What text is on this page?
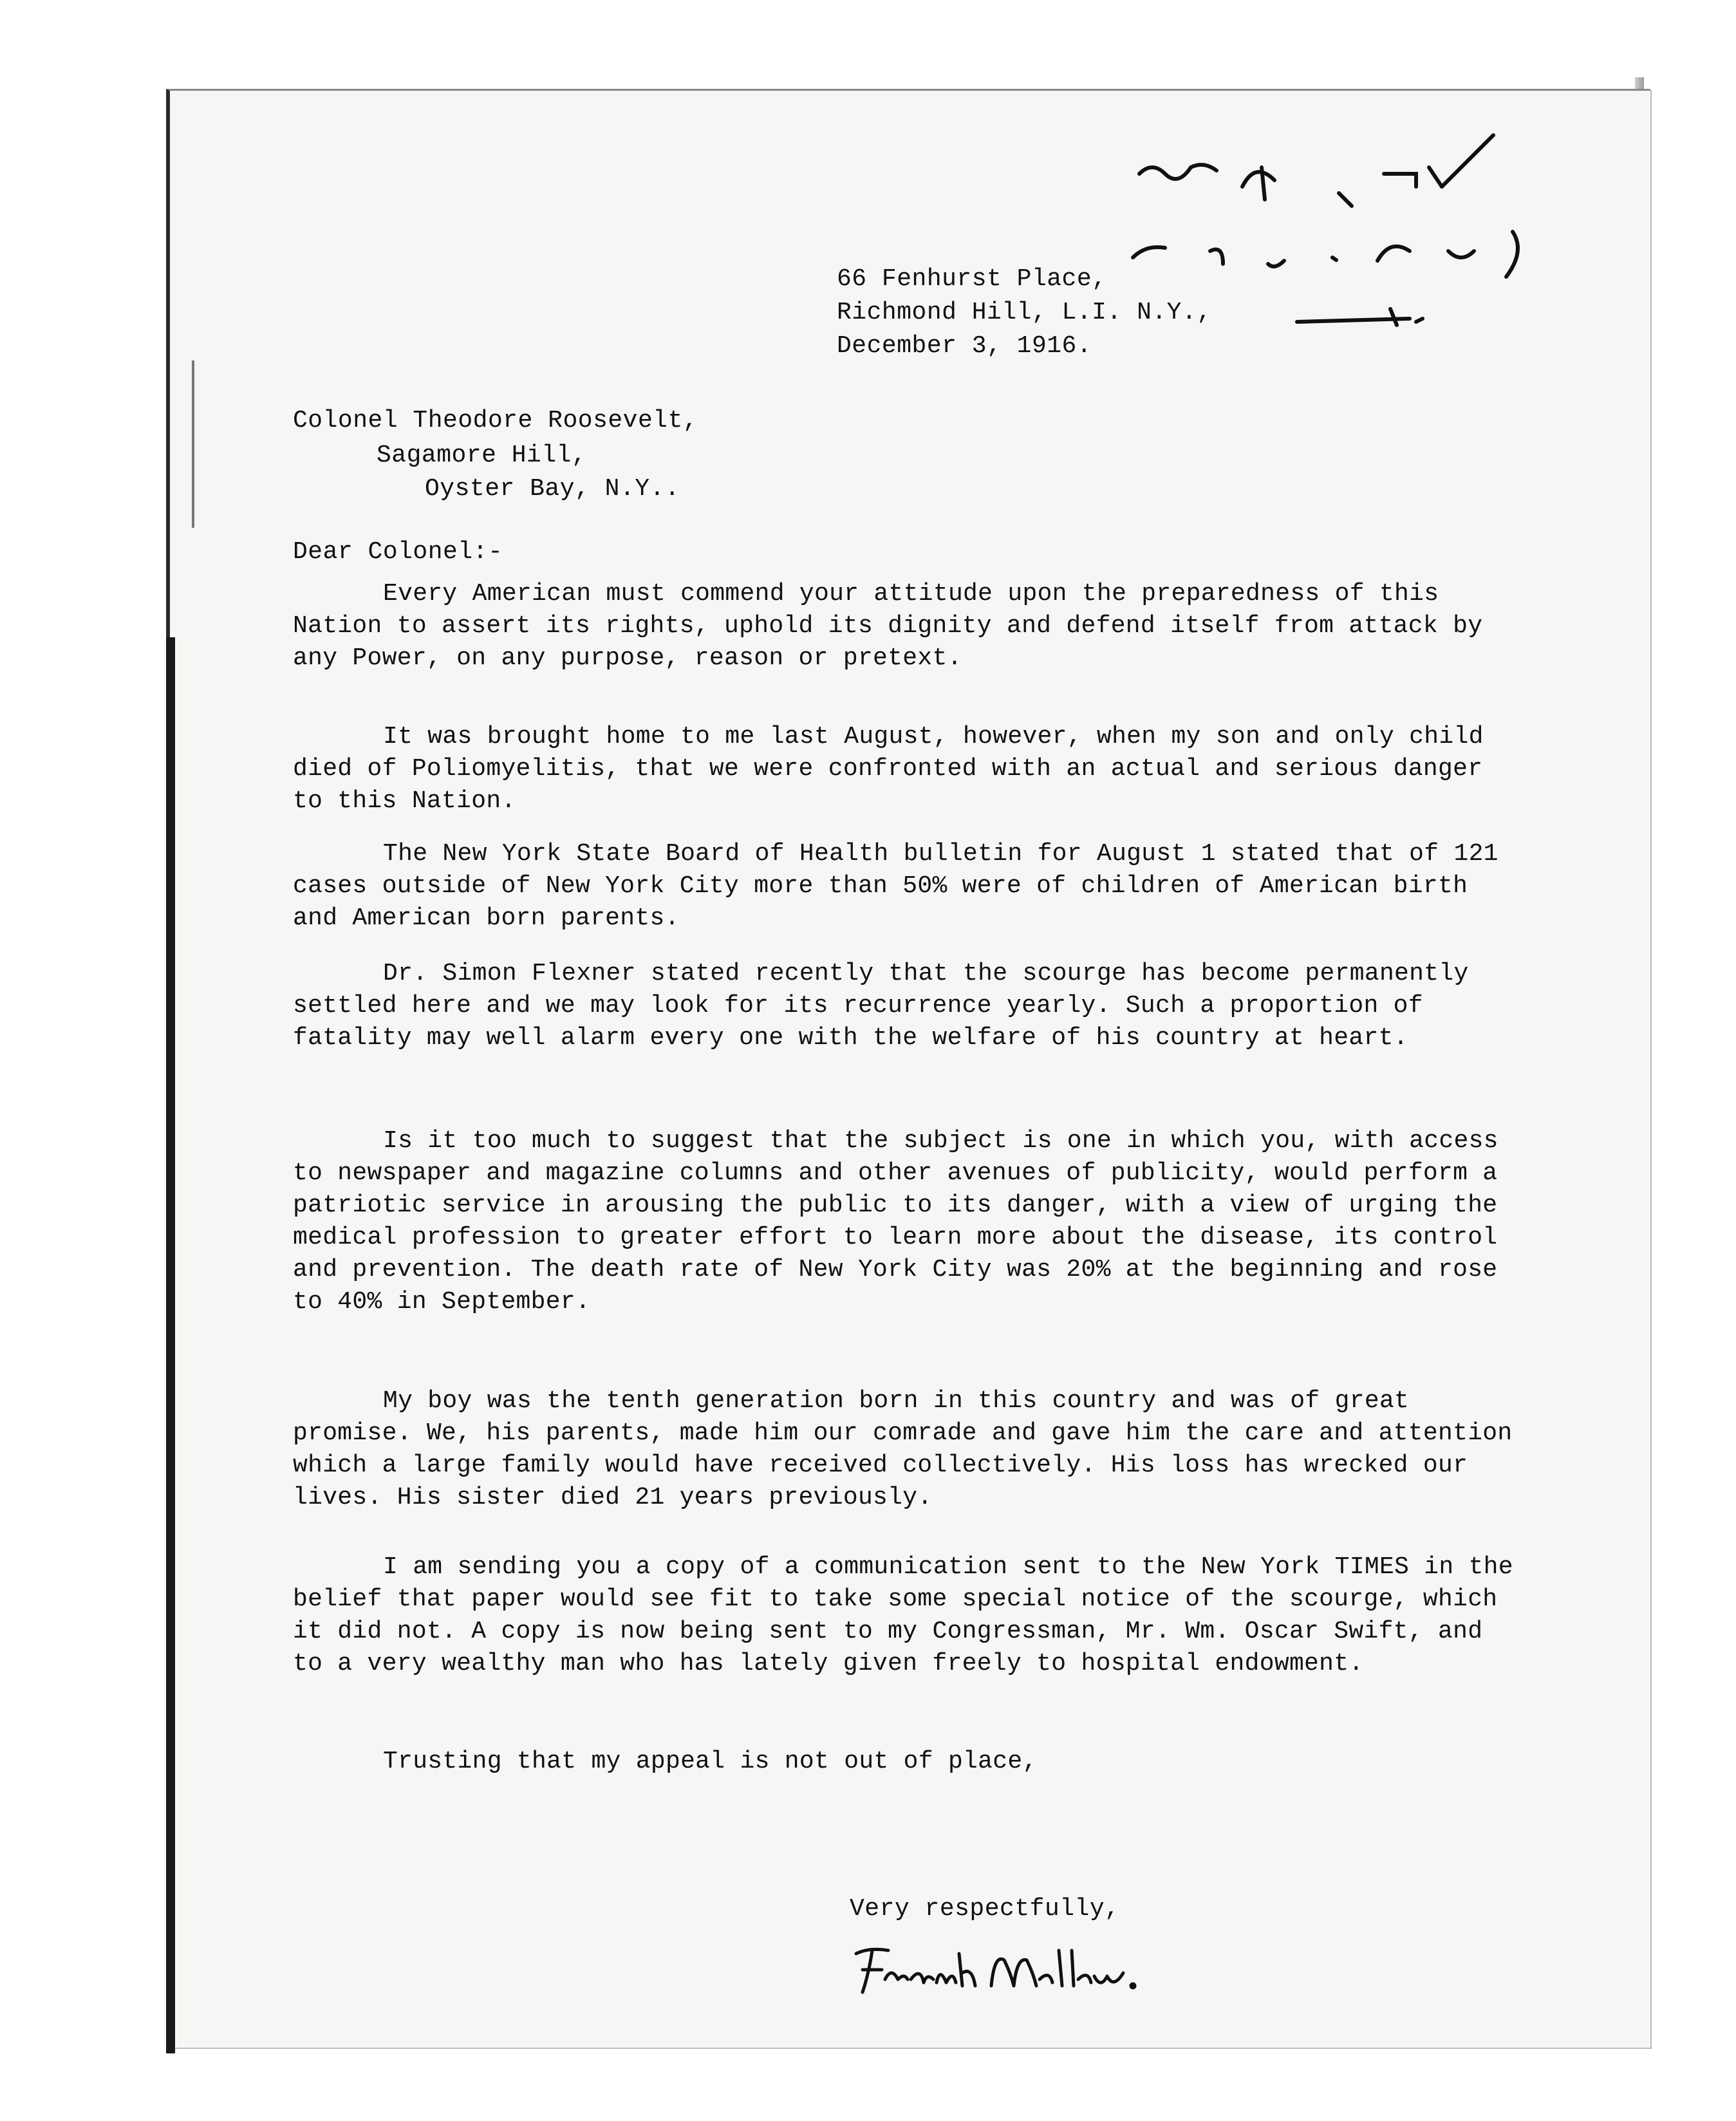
66 Fenhurst Place,
Richmond Hill, L.I. N.Y.,
December 3, 1916.
Colonel Theodore Roosevelt,
Sagamore Hill,
Oyster Bay, N.Y..
Dear Colonel:-
Every American must commend your attitude upon the preparedness of this Nation to assert its rights, uphold its dignity and defend itself from attack by any Power, on any purpose, reason or pretext.
It was brought home to me last August, however, when my son and only child died of Poliomyelitis, that we were confronted with an actual and serious danger to this Nation.
The New York State Board of Health bulletin for August 1 stated that of 121 cases outside of New York City more than 50% were of children of American birth and American born parents.
Dr. Simon Flexner stated recently that the scourge has become permanently settled here and we may look for its recurrence yearly. Such a proportion of fatality may well alarm every one with the welfare of his country at heart.
Is it too much to suggest that the subject is one in which you, with access to newspaper and magazine columns and other avenues of publicity, would perform a patriotic service in arousing the public to its danger, with a view of urging the medical profession to greater effort to learn more about the disease, its control and prevention. The death rate of New York City was 20% at the beginning and rose to 40% in September.
My boy was the tenth generation born in this country and was of great promise. We, his parents, made him our comrade and gave him the care and attention which a large family would have received collectively. His loss has wrecked our lives. His sister died 21 years previously.
I am sending you a copy of a communication sent to the New York TIMES in the belief that paper would see fit to take some special notice of the scourge, which it did not. A copy is now being sent to my Congressman, Mr. Wm. Oscar Swift, and to a very wealthy man who has lately given freely to hospital endowment.
Trusting that my appeal is not out of place,
Very respectfully,
